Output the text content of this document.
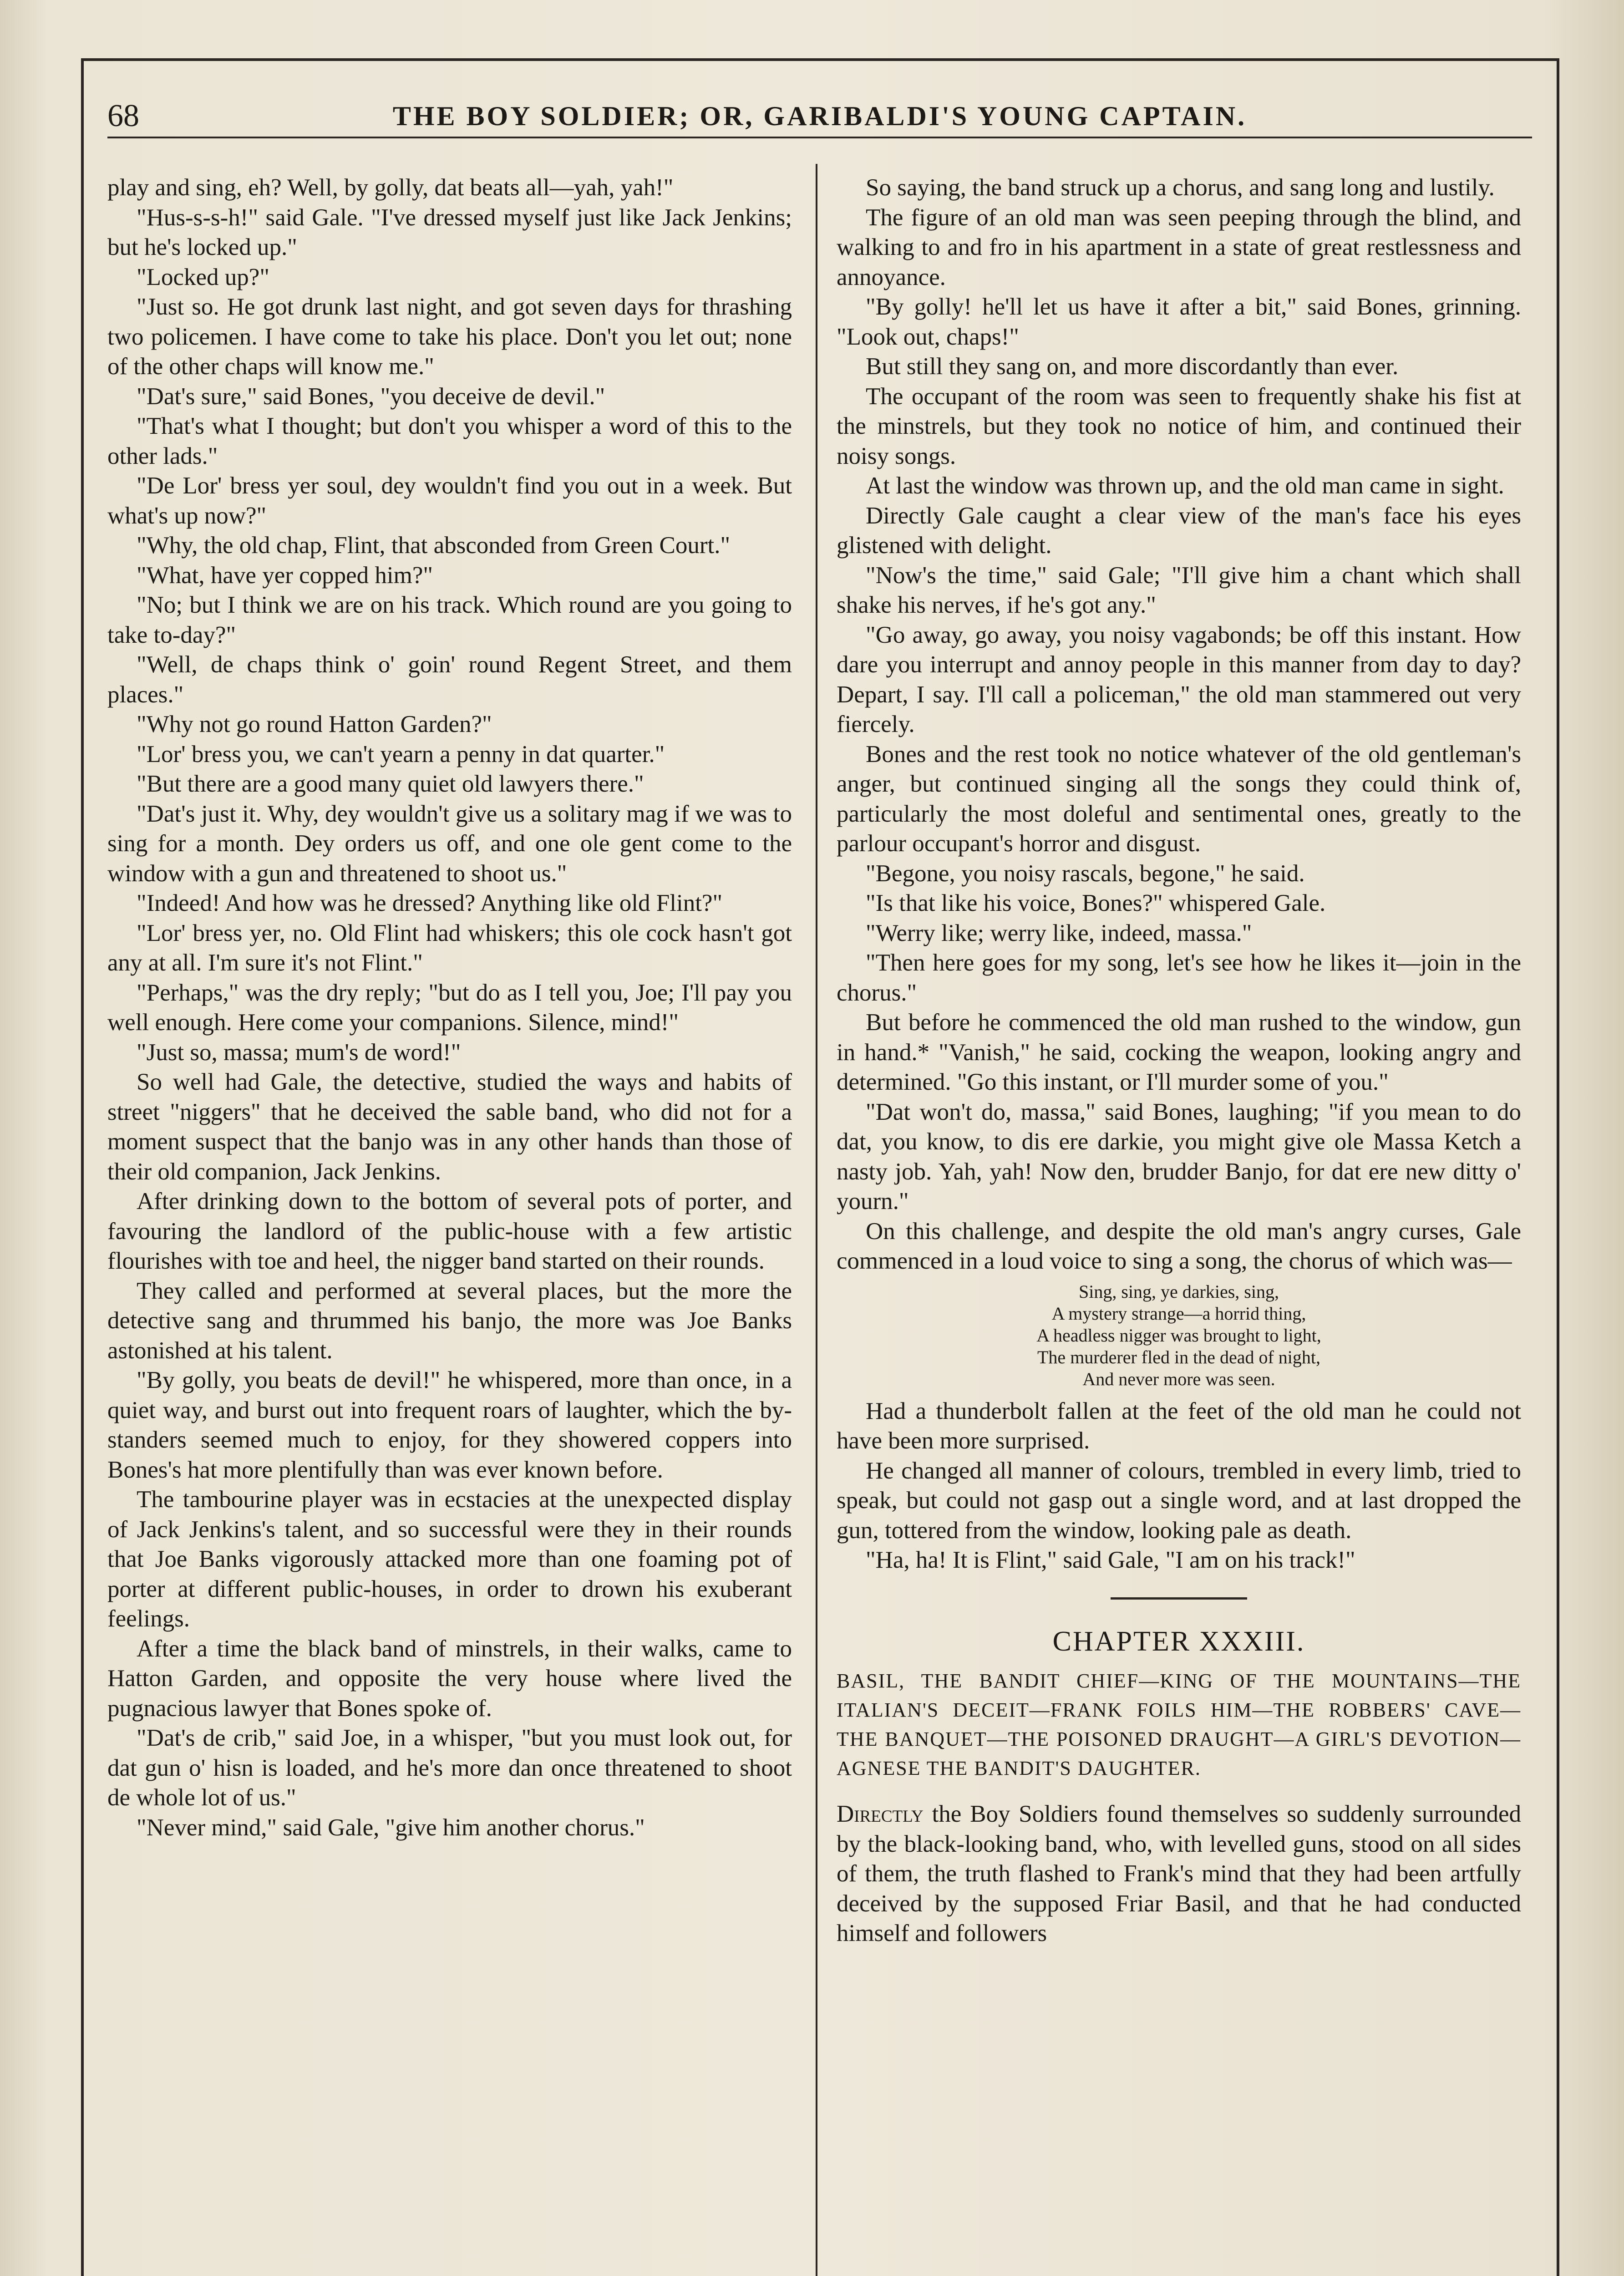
68	THE BOY SOLDIER; OR, GARIBALDI'S YOUNG CAPTAIN.

play and sing, eh? Well, by golly, dat beats all—yah, yah!"

"Hus-s-s-h!" said Gale. "I've dressed myself just like Jack Jenkins; but he's locked up."

"Locked up?"

"Just so. He got drunk last night, and got seven days for thrashing two policemen. I have come to take his place. Don't you let out; none of the other chaps will know me."

"Dat's sure," said Bones, "you deceive de devil."

"That's what I thought; but don't you whisper a word of this to the other lads."

"De Lor' bress yer soul, dey wouldn't find you out in a week. But what's up now?"

"Why, the old chap, Flint, that absconded from Green Court."

"What, have yer copped him?"

"No; but I think we are on his track. Which round are you going to take to-day?"

"Well, de chaps think o' goin' round Regent Street, and them places."

"Why not go round Hatton Garden?"

"Lor' bress you, we can't yearn a penny in dat quarter."

"But there are a good many quiet old lawyers there."

"Dat's just it. Why, dey wouldn't give us a solitary mag if we was to sing for a month. Dey orders us off, and one ole gent come to the window with a gun and threatened to shoot us."

"Indeed! And how was he dressed? Anything like old Flint?"

"Lor' bress yer, no. Old Flint had whiskers; this ole cock hasn't got any at all. I'm sure it's not Flint."

"Perhaps," was the dry reply; "but do as I tell you, Joe; I'll pay you well enough. Here come your companions. Silence, mind!"

"Just so, massa; mum's de word!"

So well had Gale, the detective, studied the ways and habits of street "niggers" that he deceived the sable band, who did not for a moment suspect that the banjo was in any other hands than those of their old companion, Jack Jenkins.

After drinking down to the bottom of several pots of porter, and favouring the landlord of the public-house with a few artistic flourishes with toe and heel, the nigger band started on their rounds.

They called and performed at several places, but the more the detective sang and thrummed his banjo, the more was Joe Banks astonished at his talent.

"By golly, you beats de devil!" he whispered, more than once, in a quiet way, and burst out into frequent roars of laughter, which the by-standers seemed much to enjoy, for they showered coppers into Bones's hat more plentifully than was ever known before.

The tambourine player was in ecstacies at the unexpected display of Jack Jenkins's talent, and so successful were they in their rounds that Joe Banks vigorously attacked more than one foaming pot of porter at different public-houses, in order to drown his exuberant feelings.

After a time the black band of minstrels, in their walks, came to Hatton Garden, and opposite the very house where lived the pugnacious lawyer that Bones spoke of.

"Dat's de crib," said Joe, in a whisper, "but you must look out, for dat gun o' hisn is loaded, and he's more dan once threatened to shoot de whole lot of us."

"Never mind," said Gale, "give him another chorus."

So saying, the band struck up a chorus, and sang long and lustily.

The figure of an old man was seen peeping through the blind, and walking to and fro in his apartment in a state of great restlessness and annoyance.

"By golly! he'll let us have it after a bit," said Bones, grinning. "Look out, chaps!"

But still they sang on, and more discordantly than ever.

The occupant of the room was seen to frequently shake his fist at the minstrels, but they took no notice of him, and continued their noisy songs.

At last the window was thrown up, and the old man came in sight.

Directly Gale caught a clear view of the man's face his eyes glistened with delight.

"Now's the time," said Gale; "I'll give him a chant which shall shake his nerves, if he's got any."

"Go away, go away, you noisy vagabonds; be off this instant. How dare you interrupt and annoy people in this manner from day to day? Depart, I say. I'll call a policeman," the old man stammered out very fiercely.

Bones and the rest took no notice whatever of the old gentleman's anger, but continued singing all the songs they could think of, particularly the most doleful and sentimental ones, greatly to the parlour occupant's horror and disgust.

"Begone, you noisy rascals, begone," he said.

"Is that like his voice, Bones?" whispered Gale.

"Werry like; werry like, indeed, massa."

"Then here goes for my song, let's see how he likes it—join in the chorus."

But before he commenced the old man rushed to the window, gun in hand.* "Vanish," he said, cocking the weapon, looking angry and determined. "Go this instant, or I'll murder some of you."

"Dat won't do, massa," said Bones, laughing; "if you mean to do dat, you know, to dis ere darkie, you might give ole Massa Ketch a nasty job. Yah, yah! Now den, brudder Banjo, for dat ere new ditty o' yourn."

On this challenge, and despite the old man's angry curses, Gale commenced in a loud voice to sing a song, the chorus of which was—

Sing, sing, ye darkies, sing,
A mystery strange—a horrid thing,
A headless nigger was brought to light,
The murderer fled in the dead of night,
And never more was seen.

Had a thunderbolt fallen at the feet of the old man he could not have been more surprised.

He changed all manner of colours, trembled in every limb, tried to speak, but could not gasp out a single word, and at last dropped the gun, tottered from the window, looking pale as death.

"Ha, ha! It is Flint," said Gale, "I am on his track!"

CHAPTER XXXIII.
BASIL, THE BANDIT CHIEF—KING OF THE MOUNTAINS—THE ITALIAN'S DECEIT—FRANK FOILS HIM—THE ROBBERS' CAVE—THE BANQUET—THE POISONED DRAUGHT—A GIRL'S DEVOTION—AGNESE THE BANDIT'S DAUGHTER.

Directly the Boy Soldiers found themselves so suddenly surrounded by the black-looking band, who, with levelled guns, stood on all sides of them, the truth flashed to Frank's mind that they had been artfully deceived by the supposed Friar Basil, and that he had conducted himself and followers
